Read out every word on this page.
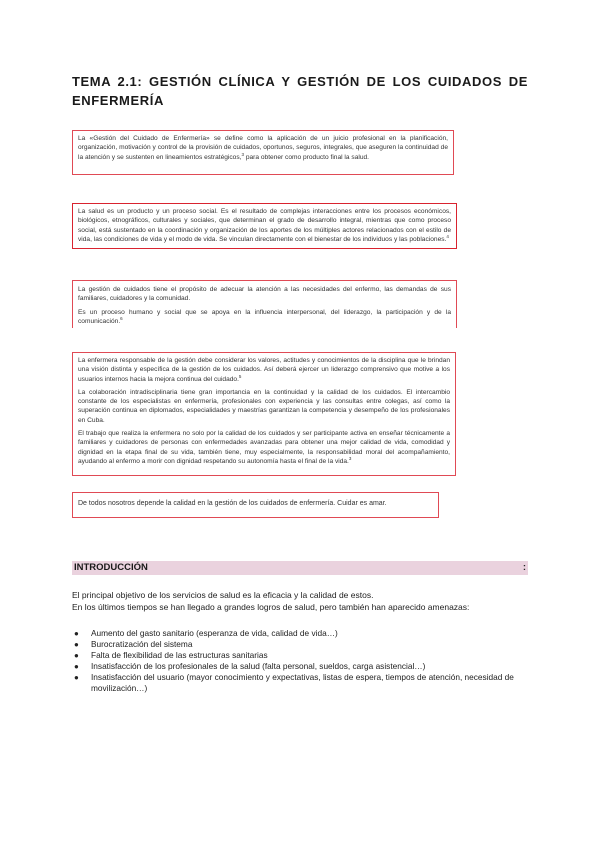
TEMA 2.1: GESTIÓN CLÍNICA Y GESTIÓN DE LOS CUIDADOS DE ENFERMERÍA

La «Gestión del Cuidado de Enfermería» se define como la aplicación de un juicio profesional en la planificación, organización, motivación y control de la provisión de cuidados, oportunos, seguros, integrales, que aseguren la continuidad de la atención y se sustenten en lineamientos estratégicos,$^3$ para obtener como producto final la salud.

La salud es un producto y un proceso social. Es el resultado de complejas interacciones entre los procesos económicos, biológicos, etnográficos, culturales y sociales, que determinan el grado de desarrollo integral, mientras que como proceso social, está sustentado en la coordinación y organización de los aportes de los múltiples actores relacionados con el estilo de vida, las condiciones de vida y el modo de vida. Se vinculan directamente con el bienestar de los individuos y las poblaciones.$^4$

La gestión de cuidados tiene el propósito de adecuar la atención a las necesidades del enfermo, las demandas de sus familiares, cuidadores y la comunidad.

Es un proceso humano y social que se apoya en la influencia interpersonal, del liderazgo, la participación y de la comunicación.$^6$

La enfermera responsable de la gestión debe considerar los valores, actitudes y conocimientos de la disciplina que le brindan una visión distinta y específica de la gestión de los cuidados. Así deberá ejercer un liderazgo comprensivo que motive a los usuarios internos hacia la mejora continua del cuidado.$^5$

La colaboración intradisciplinaria tiene gran importancia en la continuidad y la calidad de los cuidados. El intercambio constante de los especialistas en enfermería, profesionales con experiencia y las consultas entre colegas, así como la superación continua en diplomados, especialidades y maestrías garantizan la competencia y desempeño de los profesionales en Cuba.

El trabajo que realiza la enfermera no solo por la calidad de los cuidados y ser participante activa en enseñar técnicamente a familiares y cuidadores de personas con enfermedades avanzadas para obtener una mejor calidad de vida, comodidad y dignidad en la etapa final de su vida, también tiene, muy especialmente, la responsabilidad moral del acompañamiento, ayudando al enfermo a morir con dignidad respetando su autonomía hasta el final de la vida.$^3$

De todos nosotros depende la calidad en la gestión de los cuidados de enfermería. Cuidar es amar.
INTRODUCCIÓN	:
El principal objetivo de los servicios de salud es la eficacia y la calidad de estos.
En los últimos tiempos se han llegado a grandes logros de salud, pero también han aparecido amenazas:
● Aumento del gasto sanitario (esperanza de vida, calidad de vida…)
● Burocratización del sistema
● Falta de flexibilidad de las estructuras sanitarias
● Insatisfacción de los profesionales de la salud (falta personal, sueldos, carga asistencial…)
● Insatisfacción del usuario (mayor conocimiento y expectativas, listas de espera, tiempos de atención, necesidad de movilización…)
